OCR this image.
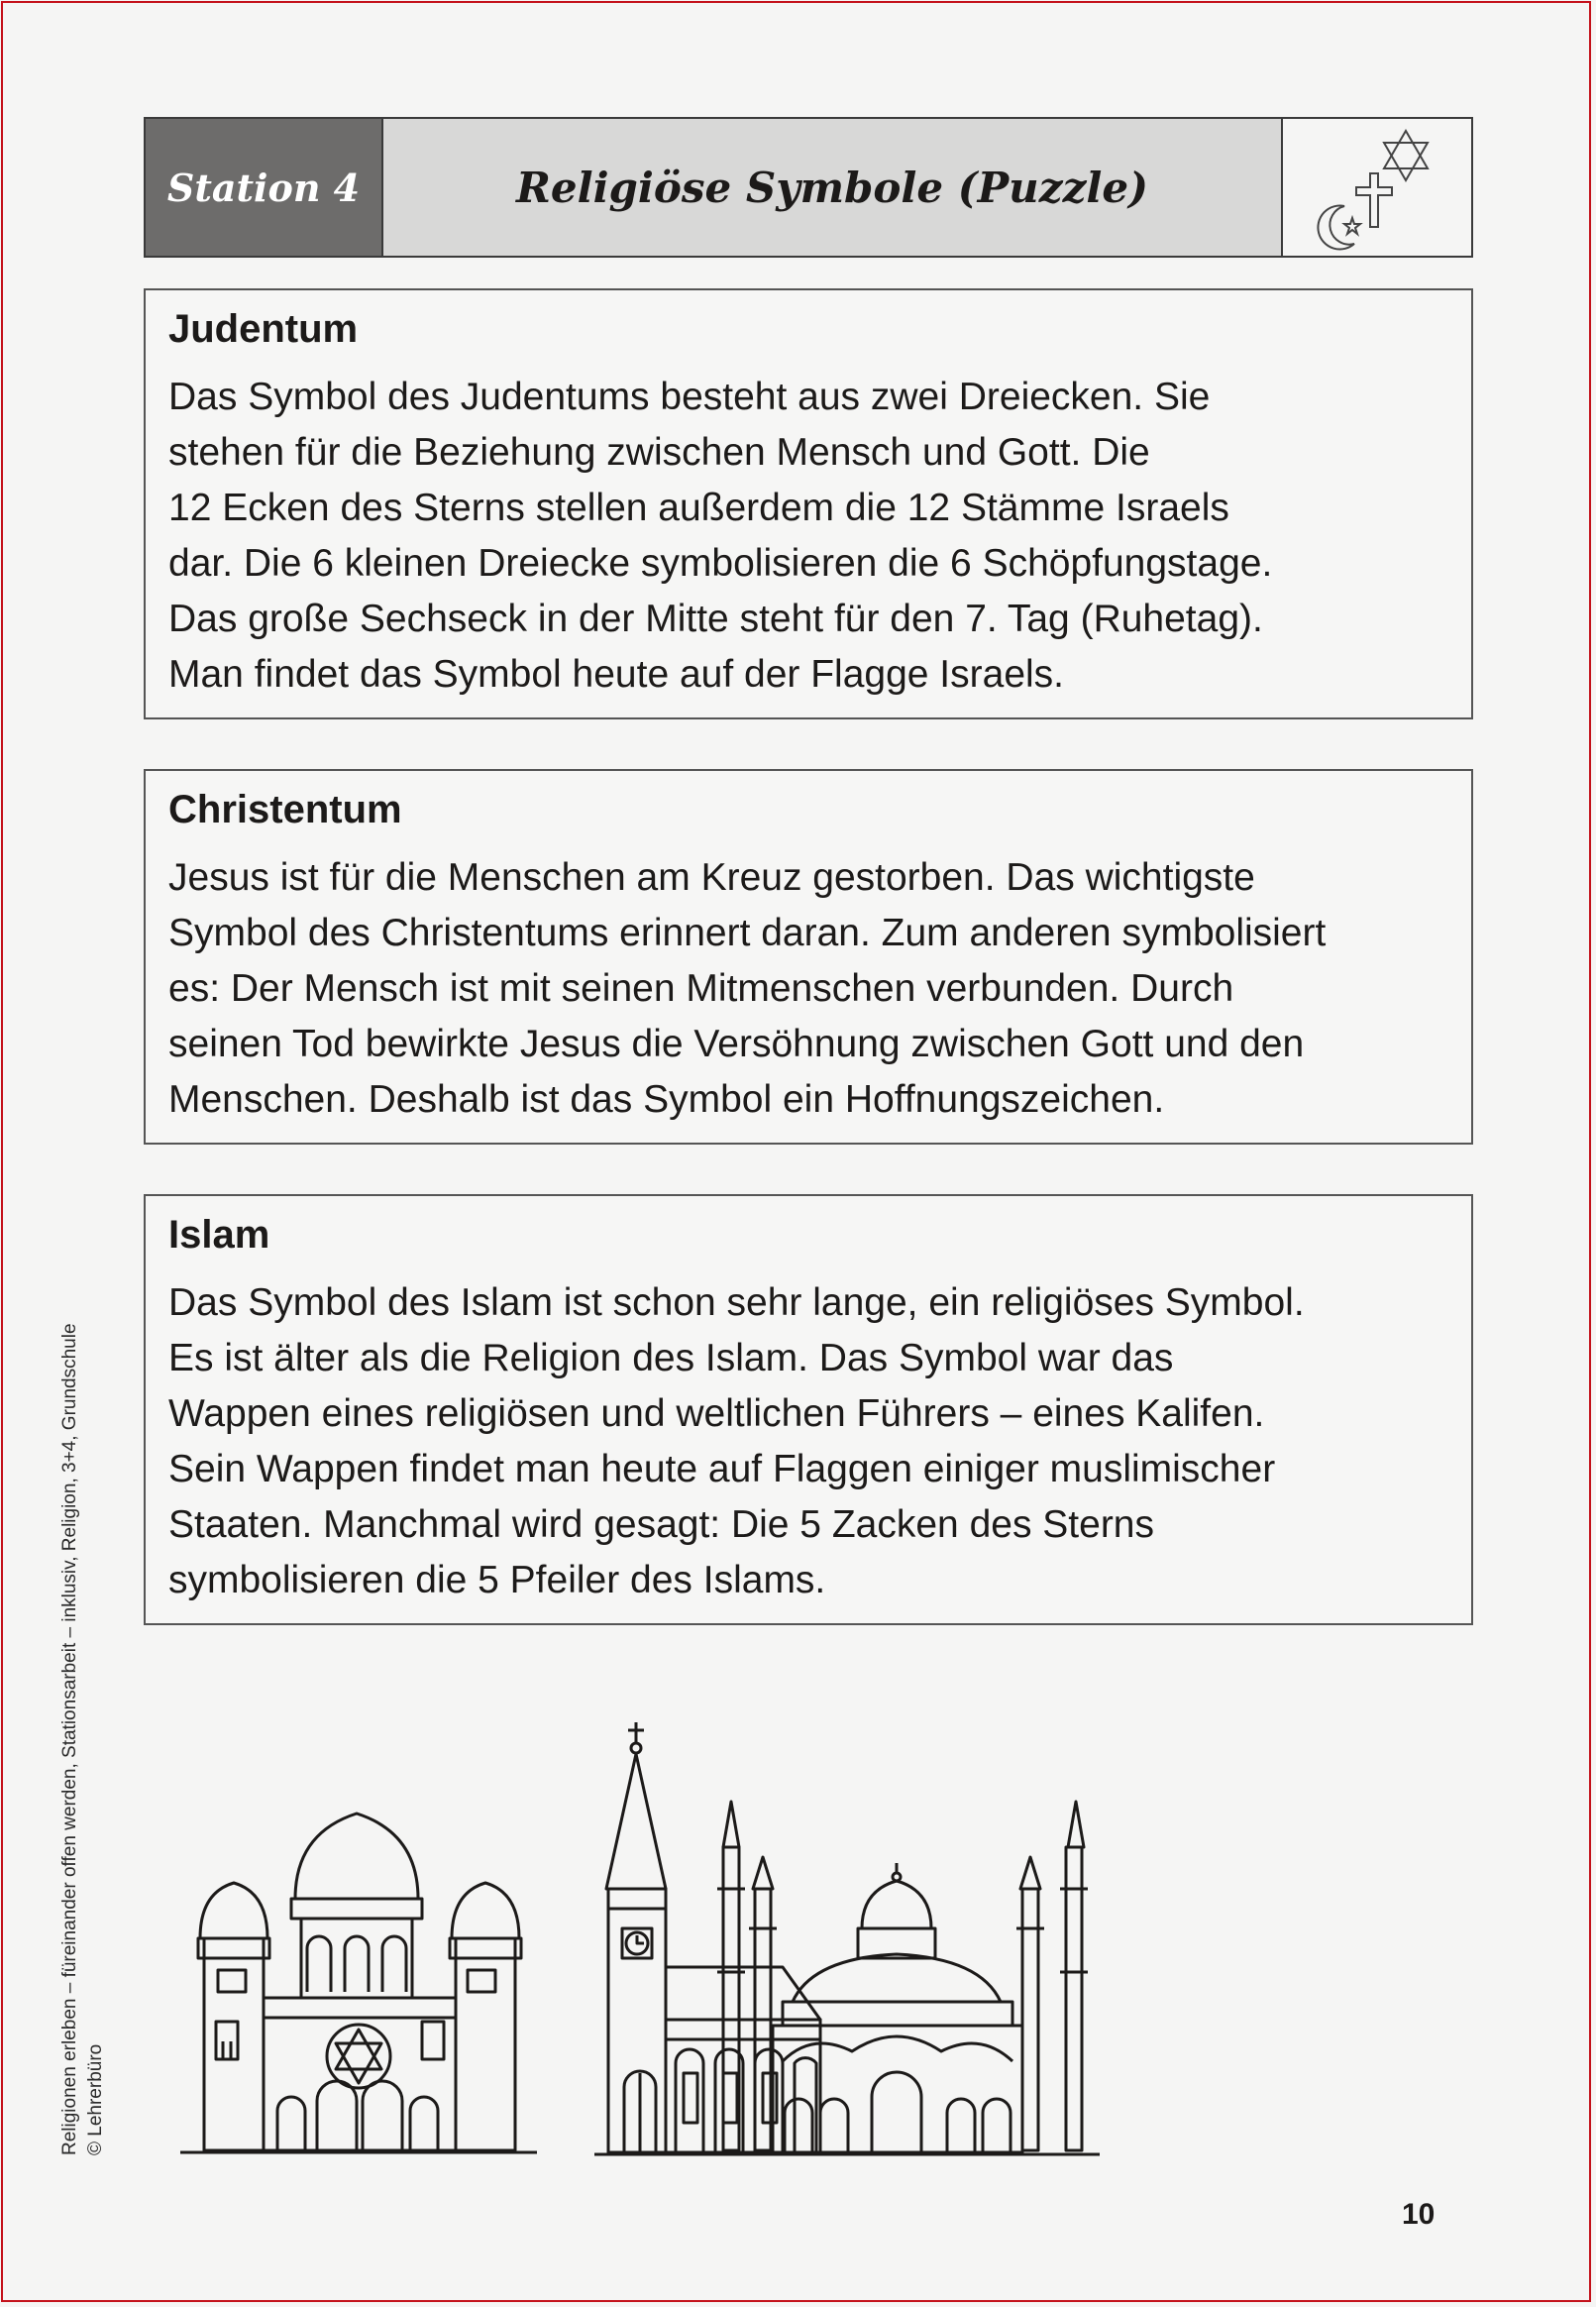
Station 4	Religiöse Symbole (Puzzle)
Judentum

Das Symbol des Judentums besteht aus zwei Dreiecken. Sie
stehen für die Beziehung zwischen Mensch und Gott. Die
12 Ecken des Sterns stellen außerdem die 12 Stämme Israels
dar. Die 6 kleinen Dreiecke symbolisieren die 6 Schöpfungstage.
Das große Sechseck in der Mitte steht für den 7. Tag (Ruhetag).
Man findet das Symbol heute auf der Flagge Israels.

Christentum

Jesus ist für die Menschen am Kreuz gestorben. Das wichtigste
Symbol des Christentums erinnert daran. Zum anderen symbolisiert
es: Der Mensch ist mit seinen Mitmenschen verbunden. Durch
seinen Tod bewirkte Jesus die Versöhnung zwischen Gott und den
Menschen. Deshalb ist das Symbol ein Hoffnungszeichen.

Islam

Das Symbol des Islam ist schon sehr lange, ein religiöses Symbol.
Es ist älter als die Religion des Islam. Das Symbol war das
Wappen eines religiösen und weltlichen Führers – eines Kalifen.
Sein Wappen findet man heute auf Flaggen einiger muslimischer
Staaten. Manchmal wird gesagt: Die 5 Zacken des Sterns
symbolisieren die 5 Pfeiler des Islams.

Religionen erleben – füreinander offen werden, Stationsarbeit – inklusiv, Religion, 3+4, Grundschule © Lehrerbüro
10
